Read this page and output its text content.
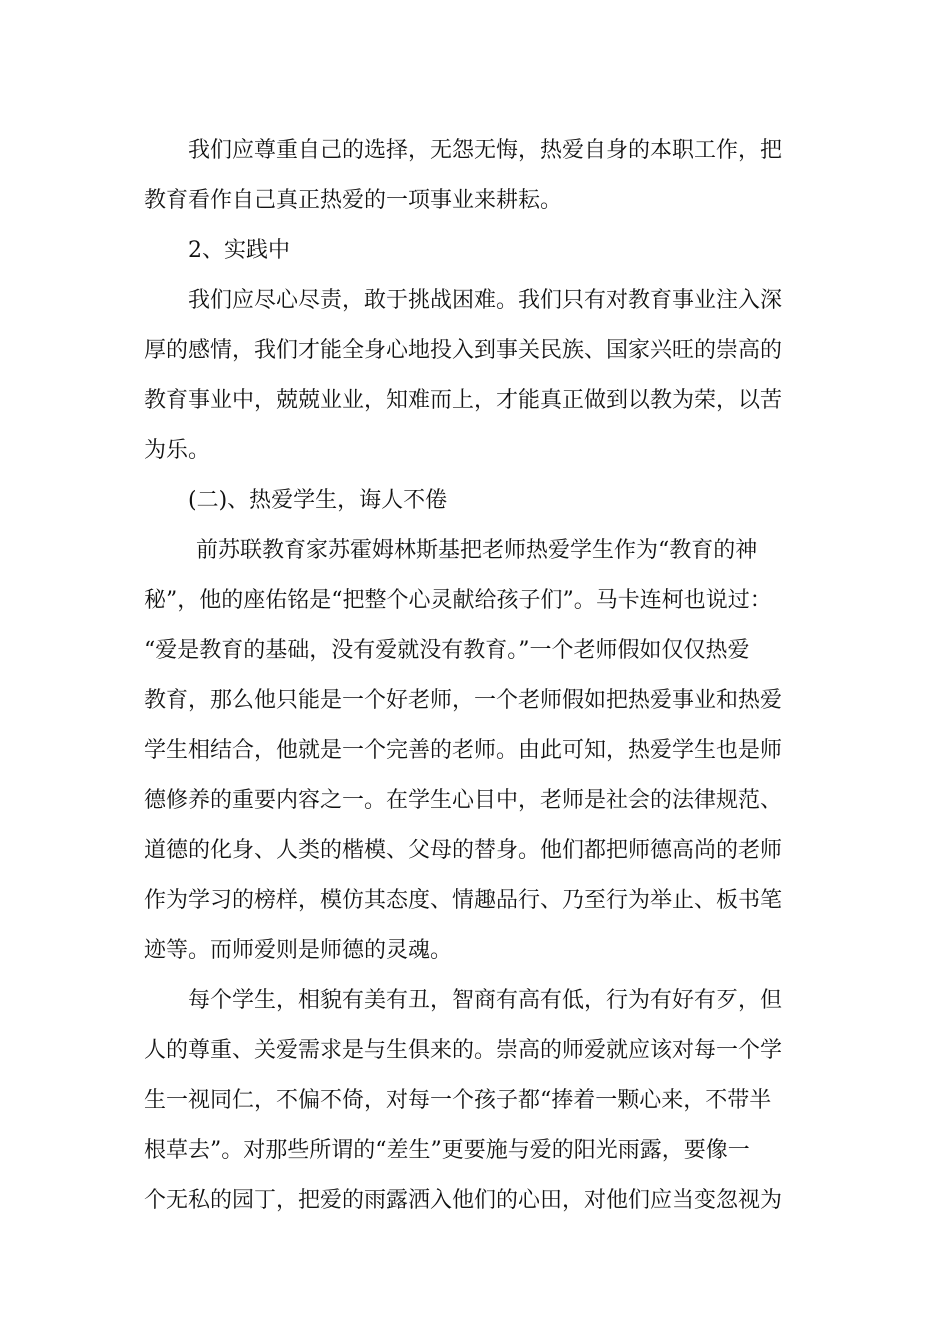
我们应尊重自己的选择，无怨无悔，热爱自身的本职工作，把
教育看作自己真正热爱的一项事业来耕耘。
2、实践中
我们应尽心尽责，敢于挑战困难。我们只有对教育事业注入深
厚的感情，我们才能全身心地投入到事关民族、国家兴旺的崇高的
教育事业中，兢兢业业，知难而上，才能真正做到以教为荣，以苦
为乐。
(二)、热爱学生，诲人不倦
前苏联教育家苏霍姆林斯基把老师热爱学生作为“教育的神
秘”，他的座佑铭是“把整个心灵献给孩子们”。马卡连柯也说过：
“爱是教育的基础，没有爱就没有教育。”一个老师假如仅仅热爱
教育，那么他只能是一个好老师，一个老师假如把热爱事业和热爱
学生相结合，他就是一个完善的老师。由此可知，热爱学生也是师
德修养的重要内容之一。在学生心目中，老师是社会的法律规范、
道德的化身、人类的楷模、父母的替身。他们都把师德高尚的老师
作为学习的榜样，模仿其态度、情趣品行、乃至行为举止、板书笔
迹等。而师爱则是师德的灵魂。
每个学生，相貌有美有丑，智商有高有低，行为有好有歹，但
人的尊重、关爱需求是与生俱来的。崇高的师爱就应该对每一个学
生一视同仁，不偏不倚，对每一个孩子都“捧着一颗心来，不带半
根草去”。对那些所谓的“差生”更要施与爱的阳光雨露，要像一
个无私的园丁，把爱的雨露洒入他们的心田，对他们应当变忽视为
